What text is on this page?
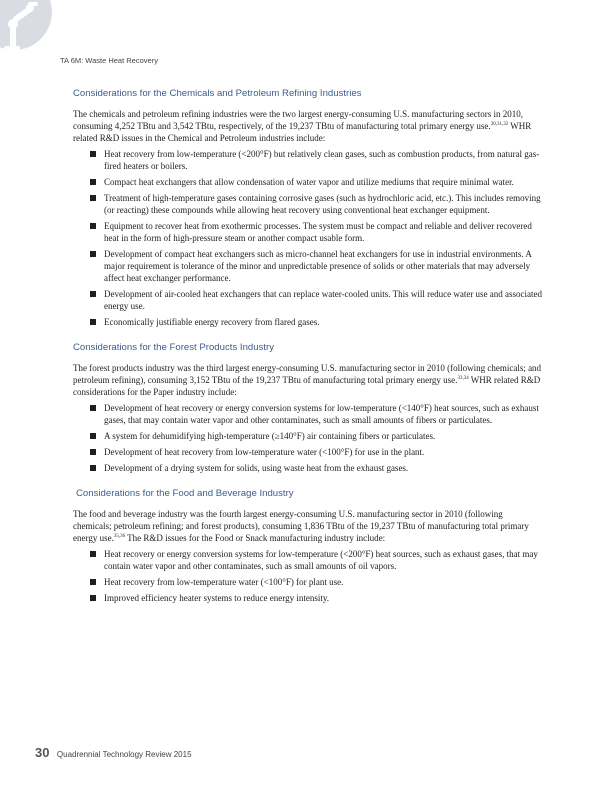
TA 6M: Waste Heat Recovery
Considerations for the Chemicals and Petroleum Refining Industries

The chemicals and petroleum refining industries were the two largest energy-consuming U.S. manufacturing sectors in 2010, consuming 4,252 TBtu and 3,542 TBtu, respectively, of the 19,237 TBtu of manufacturing total primary energy use.$^{30,31,32}$ WHR related R&D issues in the Chemical and Petroleum industries include:

Heat recovery from low-temperature (<200°F) but relatively clean gases, such as combustion products, from natural gas-fired heaters or boilers.
Compact heat exchangers that allow condensation of water vapor and utilize mediums that require minimal water.
Treatment of high-temperature gases containing corrosive gases (such as hydrochloric acid, etc.). This includes removing (or reacting) these compounds while allowing heat recovery using conventional heat exchanger equipment.
Equipment to recover heat from exothermic processes. The system must be compact and reliable and deliver recovered heat in the form of high-pressure steam or another compact usable form.
Development of compact heat exchangers such as micro-channel heat exchangers for use in industrial environments. A major requirement is tolerance of the minor and unpredictable presence of solids or other materials that may adversely affect heat exchanger performance.
Development of air-cooled heat exchangers that can replace water-cooled units. This will reduce water use and associated energy use.
Economically justifiable energy recovery from flared gases.
Considerations for the Forest Products Industry

The forest products industry was the third largest energy-consuming U.S. manufacturing sector in 2010 (following chemicals; and petroleum refining), consuming 3,152 TBtu of the 19,237 TBtu of manufacturing total primary energy use.$^{33,34}$ WHR related R&D considerations for the Paper industry include:

Development of heat recovery or energy conversion systems for low-temperature (<140°F) heat sources, such as exhaust gases, that may contain water vapor and other contaminates, such as small amounts of fibers or particulates.
A system for dehumidifying high-temperature (≥140°F) air containing fibers or particulates.
Development of heat recovery from low-temperature water (<100°F) for use in the plant.
Development of a drying system for solids, using waste heat from the exhaust gases.
Considerations for the Food and Beverage Industry

The food and beverage industry was the fourth largest energy-consuming U.S. manufacturing sector in 2010 (following chemicals; petroleum refining; and forest products), consuming 1,836 TBtu of the 19,237 TBtu of manufacturing total primary energy use.$^{35,36}$ The R&D issues for the Food or Snack manufacturing industry include:

Heat recovery or energy conversion systems for low-temperature (<200°F) heat sources, such as exhaust gases, that may contain water vapor and other contaminates, such as small amounts of oil vapors.
Heat recovery from low-temperature water (<100°F) for plant use.
Improved efficiency heater systems to reduce energy intensity.
30 Quadrennial Technology Review 2015
